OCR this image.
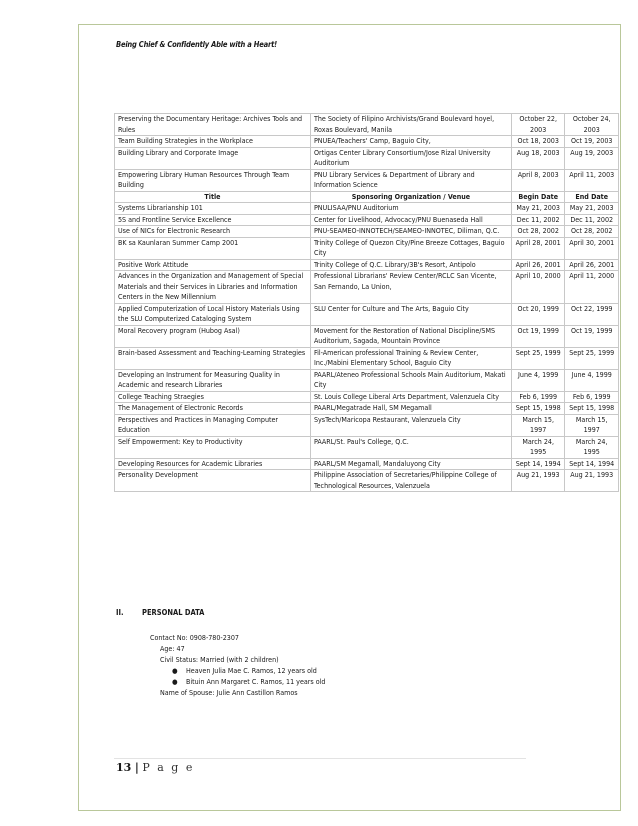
Being Chief & Confidently Able with a Heart!
Preserving the Documentary Heritage: Archives Tools and Rules	The Society of Filipino Archivists/Grand Boulevard hoyel, Roxas Boulevard, Manila	October 22, 2003	October 24, 2003
Team Building Strategies in the Workplace	PNUEA/Teachers' Camp, Baguio City,	Oct 18, 2003	Oct 19, 2003
Building Library and Corporate Image	Ortigas Center Library Consortium/Jose Rizal University Auditorium	Aug 18, 2003	Aug 19, 2003
Empowering Library Human Resources Through Team Building	PNU Library Services & Department of Library and Information Science	April 8, 2003	April 11, 2003
Title	Sponsoring Organization / Venue	Begin Date	End Date
Systems Librarianship 101	PNULISAA/PNU Auditorium	May 21, 2003	May 21, 2003
5S and Frontline Service Excellence	Center for Livelihood, Advocacy/PNU Buenaseda Hall	Dec 11, 2002	Dec 11, 2002
Use of NICs for Electronic Research	PNU-SEAMEO-INNOTECH/SEAMEO-INNOTEC, Diliman, Q.C.	Oct 28, 2002	Oct 28, 2002
BK sa Kaunlaran Summer Camp 2001	Trinity College of Quezon City/Pine Breeze Cottages, Baguio City	April 28, 2001	April 30, 2001
Positive Work Attitude	Trinity College of Q.C. Library/3B's Resort, Antipolo	April 26, 2001	April 26, 2001
Advances in the Organization and Management of Special Materials and their Services in Libraries and Information Centers in the New Millennium	Professional Librarians' Review Center/RCLC San Vicente, San Fernando, La Union,	April 10, 2000	April 11, 2000
Applied Computerization of Local History Materials Using the SLU Computerized Cataloging System	SLU Center for Culture and The Arts, Baguio City	Oct 20, 1999	Oct 22, 1999
Moral Recovery program (Hubog Asal)	Movement for the Restoration of National Discipline/SMS Auditorium, Sagada, Mountain Province	Oct 19, 1999	Oct 19, 1999
Brain-based Assessment and Teaching-Learning Strategies	Fil-American professional Training & Review Center, Inc./Mabini Elementary School, Baguio City	Sept 25, 1999	Sept 25, 1999
Developing an Instrument for Measuring Quality in Academic and research Libraries	PAARL/Ateneo Professional Schools Main Auditorium, Makati City	June 4, 1999	June 4, 1999
College Teaching Straegies	St. Louis College Liberal Arts Department, Valenzuela City	Feb 6, 1999	Feb 6, 1999
The Management of Electronic Records	PAARL/Megatrade Hall, SM Megamall	Sept 15, 1998	Sept 15, 1998
Perspectives and Practices in Managing Computer Education	SysTech/Maricopa Restaurant, Valenzuela City	March 15, 1997	March 15, 1997
Self Empowerment: Key to Productivity	PAARL/St. Paul's College, Q.C.	March 24, 1995	March 24, 1995
Developing Resources for Academic Libraries	PAARL/SM Megamall, Mandaluyong City	Sept 14, 1994	Sept 14, 1994
Personality Development	Philippine Association of Secretaries/Philippine College of Technological Resources, Valenzuela	Aug 21, 1993	Aug 21, 1993
II. PERSONAL DATA
Contact No: 0908-780-2307
Age: 47
Civil Status: Married (with 2 children)
● Heaven Julia Mae C. Ramos, 12 years old
● Bituin Ann Margaret C. Ramos, 11 years old
Name of Spouse: Julie Ann Castillon Ramos
13 | P a g e
